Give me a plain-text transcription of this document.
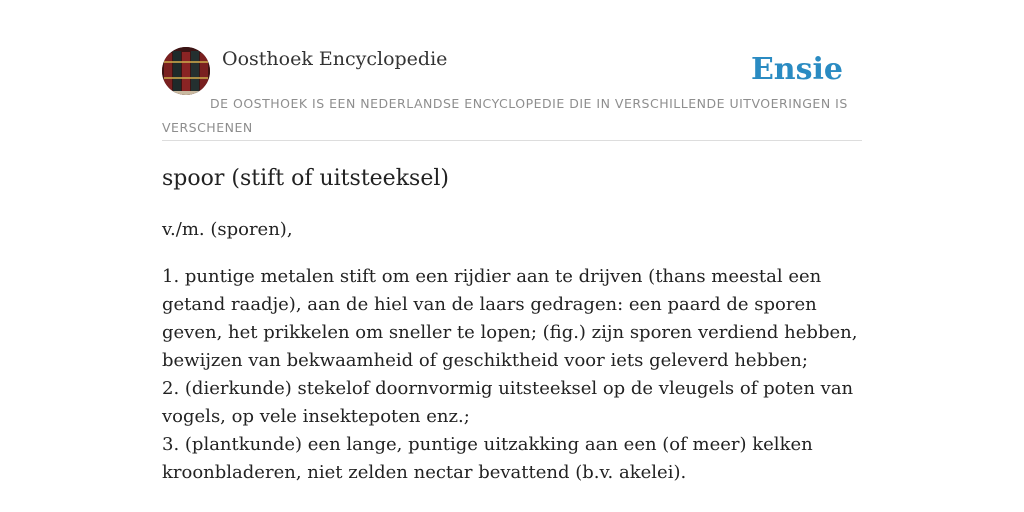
Oosthoek Encyclopedie	Ensie
DE OOSTHOEK IS EEN NEDERLANDSE ENCYCLOPEDIE DIE IN VERSCHILLENDE UITVOERINGEN IS VERSCHENEN
spoor (stift of uitsteeksel)

v./m. (sporen),

1. puntige metalen stift om een rijdier aan te drijven (thans meestal een getand raadje), aan de hiel van de laars gedragen: een paard de sporen geven, het prikkelen om sneller te lopen; (fig.) zijn sporen verdiend hebben, bewijzen van bekwaamheid of geschiktheid voor iets geleverd hebben;
2. (dierkunde) stekelof doornvormig uitsteeksel op de vleugels of poten van vogels, op vele insektepoten enz.;
3. (plantkunde) een lange, puntige uitzakking aan een (of meer) kelken kroonbladeren, niet zelden nectar bevattend (b.v. akelei).
